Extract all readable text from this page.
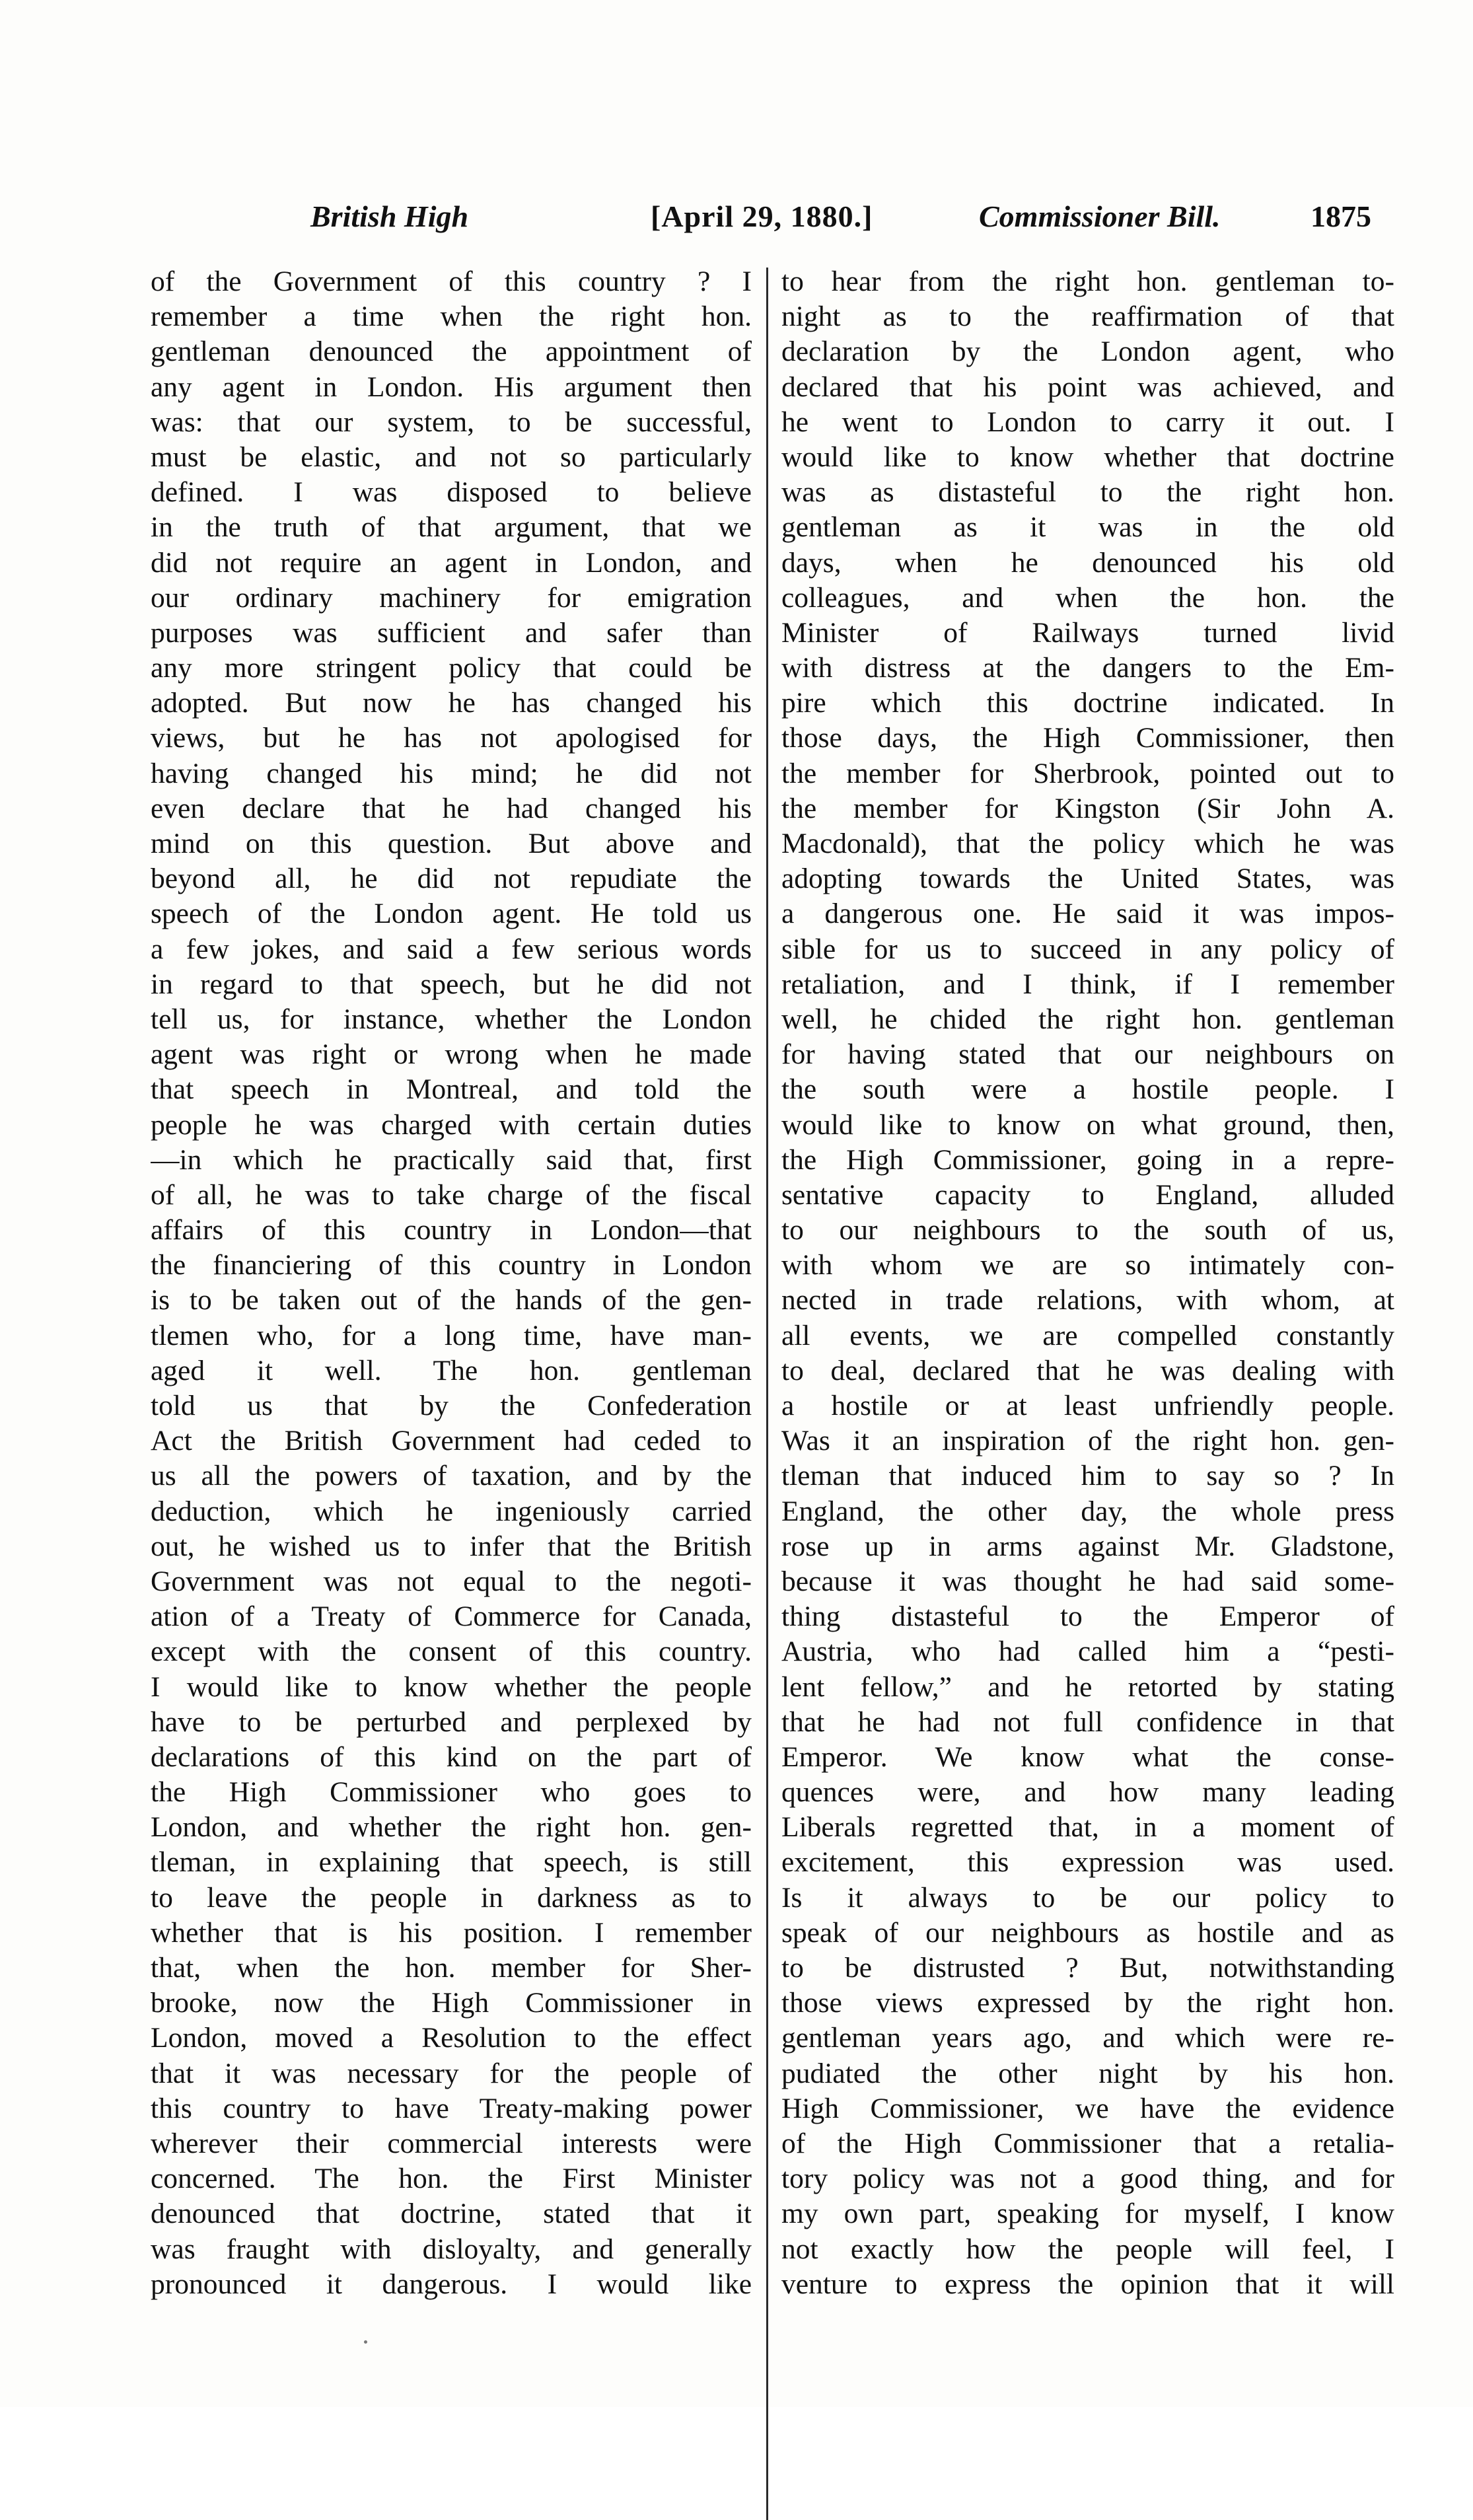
British High	[April 29, 1880.]	Commissioner Bill.	1875
of the Government of this country ? I
remember a time when the right hon.
gentleman denounced the appointment of
any agent in London. His argument then
was: that our system, to be successful,
must be elastic, and not so particularly
defined. I was disposed to believe
in the truth of that argument, that we
did not require an agent in London, and
our ordinary machinery for emigration
purposes was sufficient and safer than
any more stringent policy that could be
adopted. But now he has changed his
views, but he has not apologised for
having changed his mind; he did not
even declare that he had changed his
mind on this question. But above and
beyond all, he did not repudiate the
speech of the London agent. He told us
a few jokes, and said a few serious words
in regard to that speech, but he did not
tell us, for instance, whether the London
agent was right or wrong when he made
that speech in Montreal, and told the
people he was charged with certain duties
—in which he practically said that, first
of all, he was to take charge of the fiscal
affairs of this country in London—that
the financiering of this country in London
is to be taken out of the hands of the gen-
tlemen who, for a long time, have man-
aged it well. The hon. gentleman
told us that by the Confederation
Act the British Government had ceded to
us all the powers of taxation, and by the
deduction, which he ingeniously carried
out, he wished us to infer that the British
Government was not equal to the negoti-
ation of a Treaty of Commerce for Canada,
except with the consent of this country.
I would like to know whether the people
have to be perturbed and perplexed by
declarations of this kind on the part of
the High Commissioner who goes to
London, and whether the right hon. gen-
tleman, in explaining that speech, is still
to leave the people in darkness as to
whether that is his position. I remember
that, when the hon. member for Sher-
brooke, now the High Commissioner in
London, moved a Resolution to the effect
that it was necessary for the people of
this country to have Treaty-making power
wherever their commercial interests were
concerned. The hon. the First Minister
denounced that doctrine, stated that it
was fraught with disloyalty, and generally
pronounced it dangerous. I would like
to hear from the right hon. gentleman to-
night as to the reaffirmation of that
declaration by the London agent, who
declared that his point was achieved, and
he went to London to carry it out. I
would like to know whether that doctrine
was as distasteful to the right hon.
gentleman as it was in the old
days, when he denounced his old
colleagues, and when the hon. the
Minister of Railways turned livid
with distress at the dangers to the Em-
pire which this doctrine indicated. In
those days, the High Commissioner, then
the member for Sherbrook, pointed out to
the member for Kingston (Sir John A.
Macdonald), that the policy which he was
adopting towards the United States, was
a dangerous one. He said it was impos-
sible for us to succeed in any policy of
retaliation, and I think, if I remember
well, he chided the right hon. gentleman
for having stated that our neighbours on
the south were a hostile people. I
would like to know on what ground, then,
the High Commissioner, going in a repre-
sentative capacity to England, alluded
to our neighbours to the south of us,
with whom we are so intimately con-
nected in trade relations, with whom, at
all events, we are compelled constantly
to deal, declared that he was dealing with
a hostile or at least unfriendly people.
Was it an inspiration of the right hon. gen-
tleman that induced him to say so ? In
England, the other day, the whole press
rose up in arms against Mr. Gladstone,
because it was thought he had said some-
thing distasteful to the Emperor of
Austria, who had called him a “pesti-
lent fellow,” and he retorted by stating
that he had not full confidence in that
Emperor. We know what the conse-
quences were, and how many leading
Liberals regretted that, in a moment of
excitement, this expression was used.
Is it always to be our policy to
speak of our neighbours as hostile and as
to be distrusted ? But, notwithstanding
those views expressed by the right hon.
gentleman years ago, and which were re-
pudiated the other night by his hon.
High Commissioner, we have the evidence
of the High Commissioner that a retalia-
tory policy was not a good thing, and for
my own part, speaking for myself, I know
not exactly how the people will feel, I
venture to express the opinion that it will
